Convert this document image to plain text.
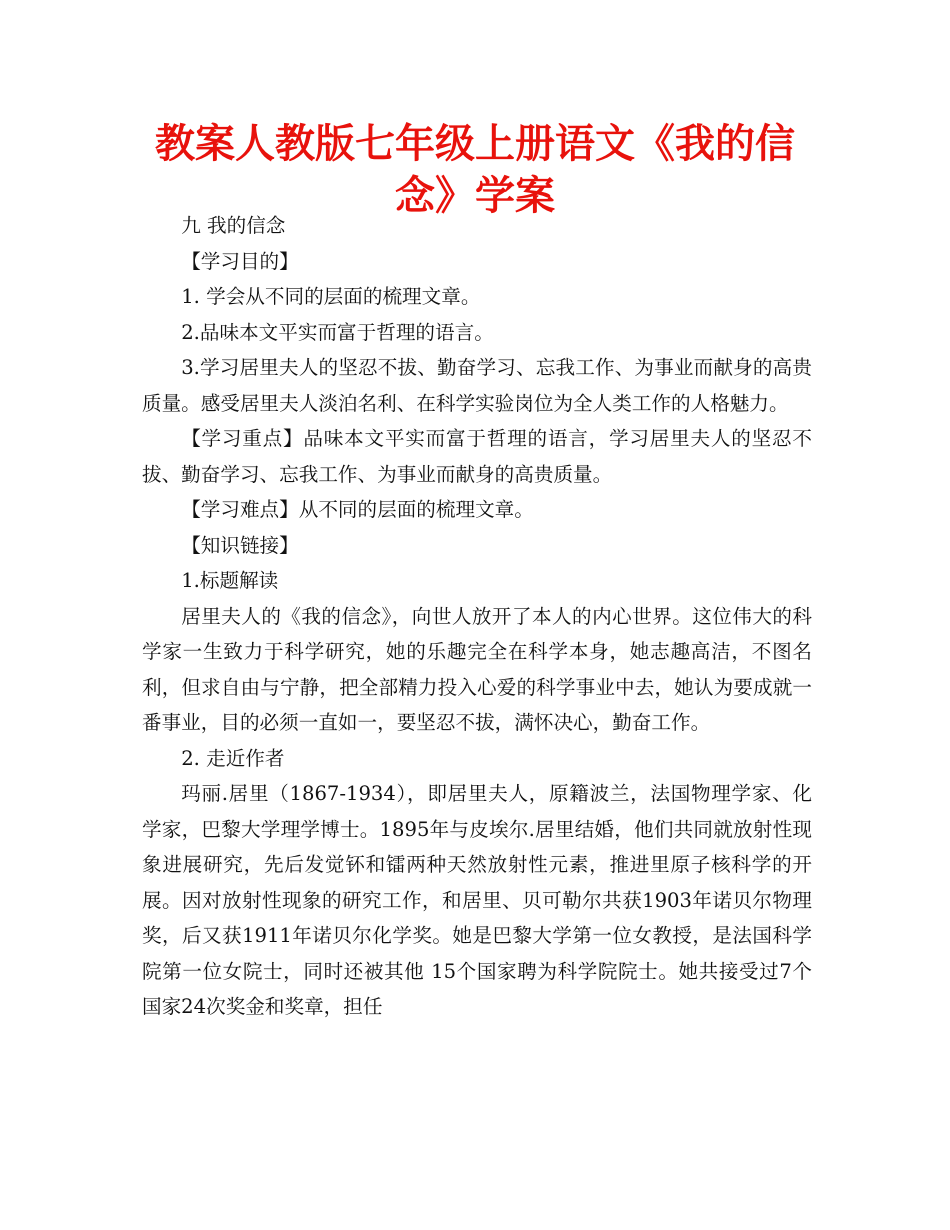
教案人教版七年级上册语文《我的信念》学案

九 我的信念

【学习目的】

1. 学会从不同的层面的梳理文章。

2.品味本文平实而富于哲理的语言。

3.学习居里夫人的坚忍不拔、勤奋学习、忘我工作、为事业而献身的高贵质量。感受居里夫人淡泊名利、在科学实验岗位为全人类工作的人格魅力。

【学习重点】品味本文平实而富于哲理的语言，学习居里夫人的坚忍不拔、勤奋学习、忘我工作、为事业而献身的高贵质量。

【学习难点】从不同的层面的梳理文章。

【知识链接】

1.标题解读

居里夫人的《我的信念》，向世人放开了本人的内心世界。这位伟大的科学家一生致力于科学研究，她的乐趣完全在科学本身，她志趣高洁，不图名利，但求自由与宁静，把全部精力投入心爱的科学事业中去，她认为要成就一番事业，目的必须一直如一，要坚忍不拔，满怀决心，勤奋工作。

2. 走近作者

玛丽.居里（1867-1934），即居里夫人，原籍波兰，法国物理学家、化学家，巴黎大学理学博士。1895年与皮埃尔.居里结婚，他们共同就放射性现象进展研究，先后发觉钚和镭两种天然放射性元素，推进里原子核科学的开展。因对放射性现象的研究工作，和居里、贝可勒尔共获1903年诺贝尔物理奖，后又获1911年诺贝尔化学奖。她是巴黎大学第一位女教授，是法国科学院第一位女院士，同时还被其他 15个国家聘为科学院院士。她共接受过7个国家24次奖金和奖章，担任
